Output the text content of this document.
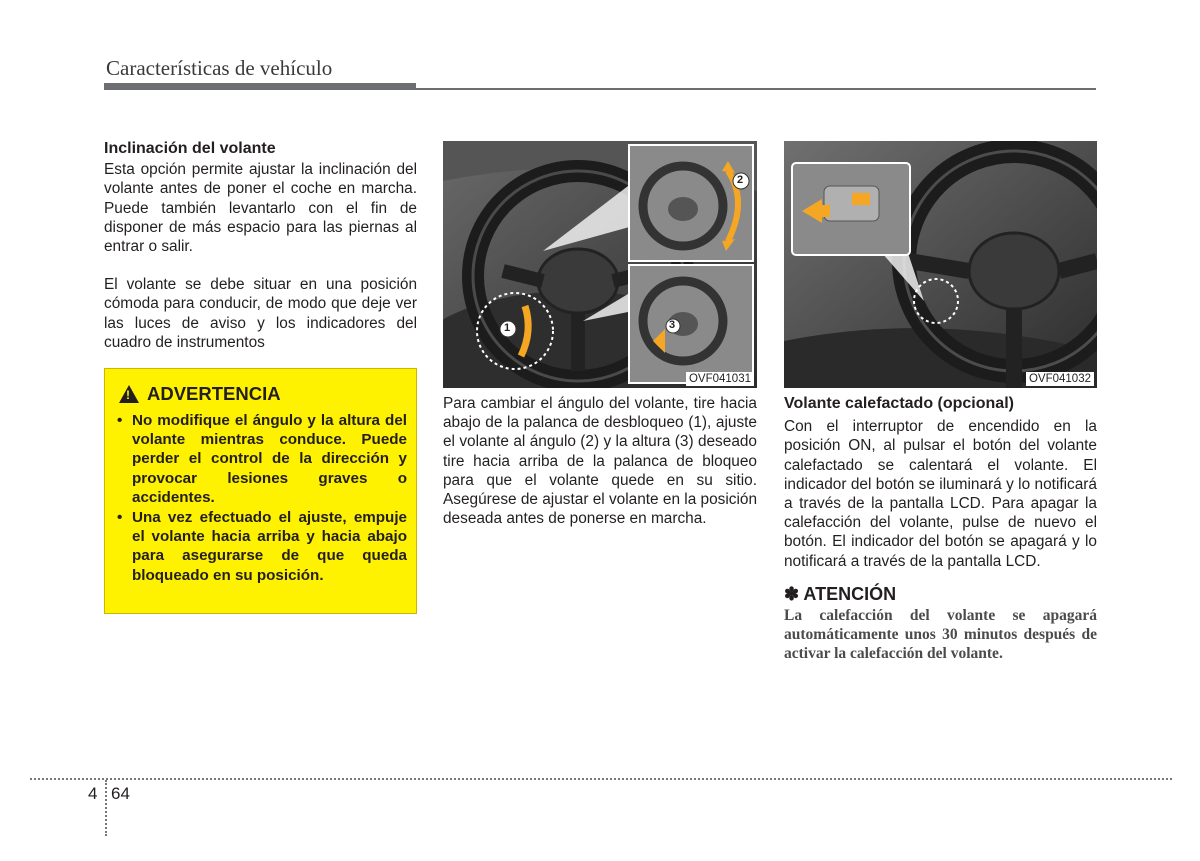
Características de vehículo
Inclinación del volante

Esta opción permite ajustar la inclinación del volante antes de poner el coche en marcha. Puede también levantarlo con el fin de disponer de más espacio para las piernas al entrar o salir.

El volante se debe situar en una posición cómoda para conducir, de modo que deje ver las luces de aviso y los indicadores del cuadro de instrumentos

! ADVERTENCIA
• No modifique el ángulo y la altura del volante mientras conduce. Puede perder el control de la dirección y provocar lesiones graves o accidentes.
• Una vez efectuado el ajuste, empuje el volante hacia arriba y hacia abajo para asegurarse de que queda bloqueado en su posición.
1
2
3
OVF041031

Para cambiar el ángulo del volante, tire hacia abajo de la palanca de desbloqueo (1), ajuste el volante al ángulo (2) y la altura (3) deseado tire hacia arriba de la palanca de bloqueo para que el volante quede en su sitio. Asegúrese de ajustar el volante en la posición deseada antes de ponerse en marcha.

OVF041032
Volante calefactado (opcional)

Con el interruptor de encendido en la posición ON, al pulsar el botón del volante calefactado se calentará el volante. El indicador del botón se iluminará y lo notificará a través de la pantalla LCD. Para apagar la calefacción del volante, pulse de nuevo el botón. El indicador del botón se apagará y lo notificará a través de la pantalla LCD.

✽ ATENCIÓN
La calefacción del volante se apagará automáticamente unos 30 minutos después de activar la calefacción del volante.
4 64
